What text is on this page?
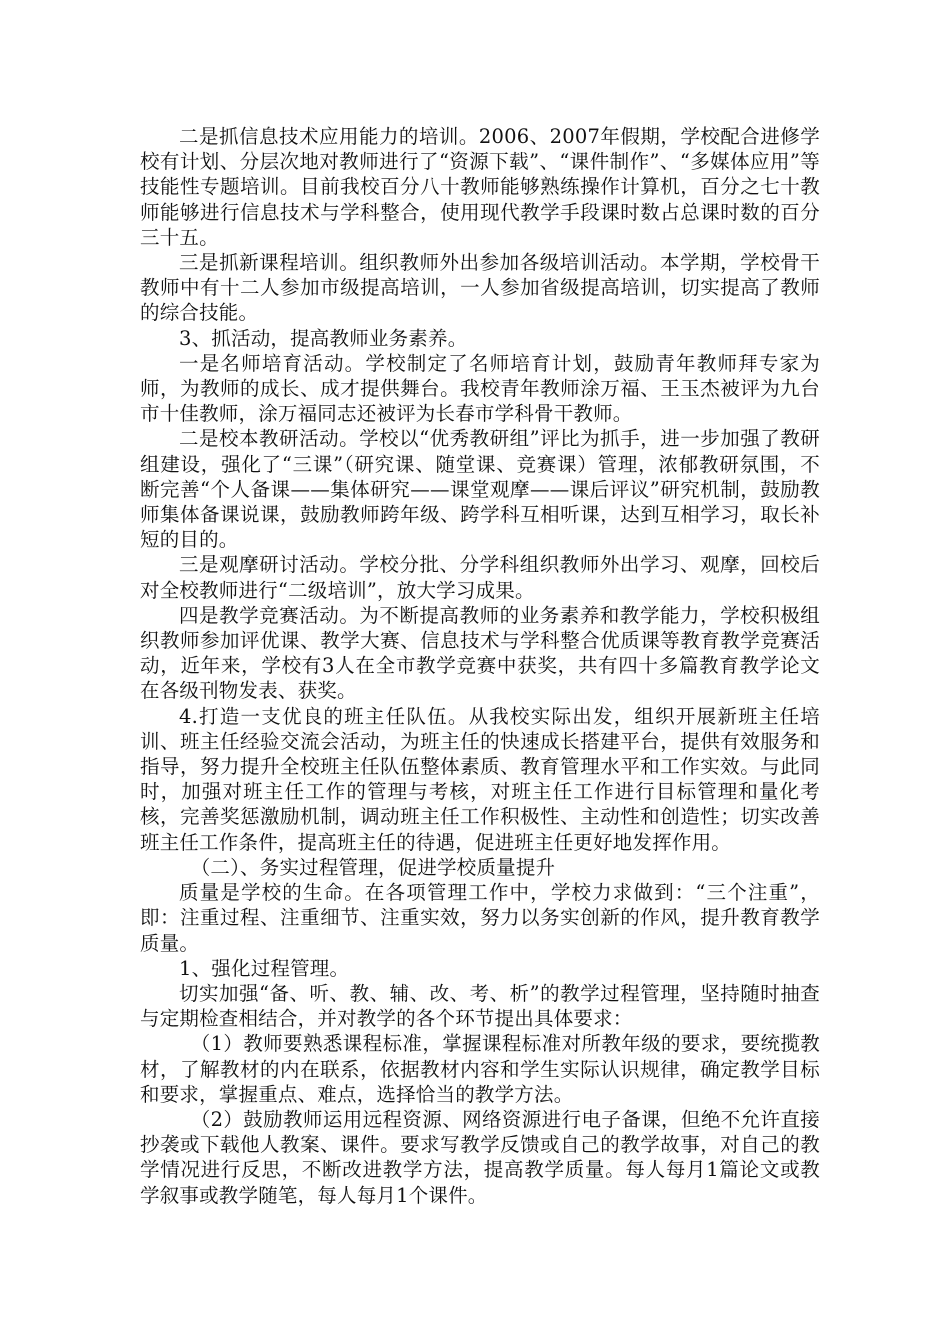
二是抓信息技术应用能力的培训。2006、2007年假期，学校配合进修学校有计划、分层次地对教师进行了“资源下载”、“课件制作”、“多媒体应用”等技能性专题培训。目前我校百分八十教师能够熟练操作计算机，百分之七十教师能够进行信息技术与学科整合，使用现代教学手段课时数占总课时数的百分三十五。

三是抓新课程培训。组织教师外出参加各级培训活动。本学期，学校骨干教师中有十二人参加市级提高培训，一人参加省级提高培训，切实提高了教师的综合技能。

3、抓活动，提高教师业务素养。

一是名师培育活动。学校制定了名师培育计划，鼓励青年教师拜专家为师，为教师的成长、成才提供舞台。我校青年教师涂万福、王玉杰被评为九台市十佳教师，涂万福同志还被评为长春市学科骨干教师。

二是校本教研活动。学校以“优秀教研组”评比为抓手，进一步加强了教研组建设，强化了“三课”（研究课、随堂课、竞赛课）管理，浓郁教研氛围，不断完善“个人备课——集体研究——课堂观摩——课后评议”研究机制，鼓励教师集体备课说课，鼓励教师跨年级、跨学科互相听课，达到互相学习，取长补短的目的。

三是观摩研讨活动。学校分批、分学科组织教师外出学习、观摩，回校后对全校教师进行“二级培训”，放大学习成果。

四是教学竞赛活动。为不断提高教师的业务素养和教学能力，学校积极组织教师参加评优课、教学大赛、信息技术与学科整合优质课等教育教学竞赛活动，近年来，学校有3人在全市教学竞赛中获奖，共有四十多篇教育教学论文在各级刊物发表、获奖。

4.打造一支优良的班主任队伍。从我校实际出发，组织开展新班主任培训、班主任经验交流会活动，为班主任的快速成长搭建平台，提供有效服务和指导，努力提升全校班主任队伍整体素质、教育管理水平和工作实效。与此同时，加强对班主任工作的管理与考核，对班主任工作进行目标管理和量化考核，完善奖惩激励机制，调动班主任工作积极性、主动性和创造性；切实改善班主任工作条件，提高班主任的待遇，促进班主任更好地发挥作用。

（二）、务实过程管理，促进学校质量提升

质量是学校的生命。在各项管理工作中，学校力求做到：“三个注重”，即：注重过程、注重细节、注重实效，努力以务实创新的作风，提升教育教学质量。

1、强化过程管理。

切实加强“备、听、教、辅、改、考、析”的教学过程管理，坚持随时抽查与定期检查相结合，并对教学的各个环节提出具体要求：

（1）教师要熟悉课程标准，掌握课程标准对所教年级的要求，要统揽教材，了解教材的内在联系，依据教材内容和学生实际认识规律，确定教学目标和要求，掌握重点、难点，选择恰当的教学方法。

（2）鼓励教师运用远程资源、网络资源进行电子备课，但绝不允许直接抄袭或下载他人教案、课件。要求写教学反馈或自己的教学故事，对自己的教学情况进行反思，不断改进教学方法，提高教学质量。每人每月1篇论文或教学叙事或教学随笔，每人每月1个课件。
